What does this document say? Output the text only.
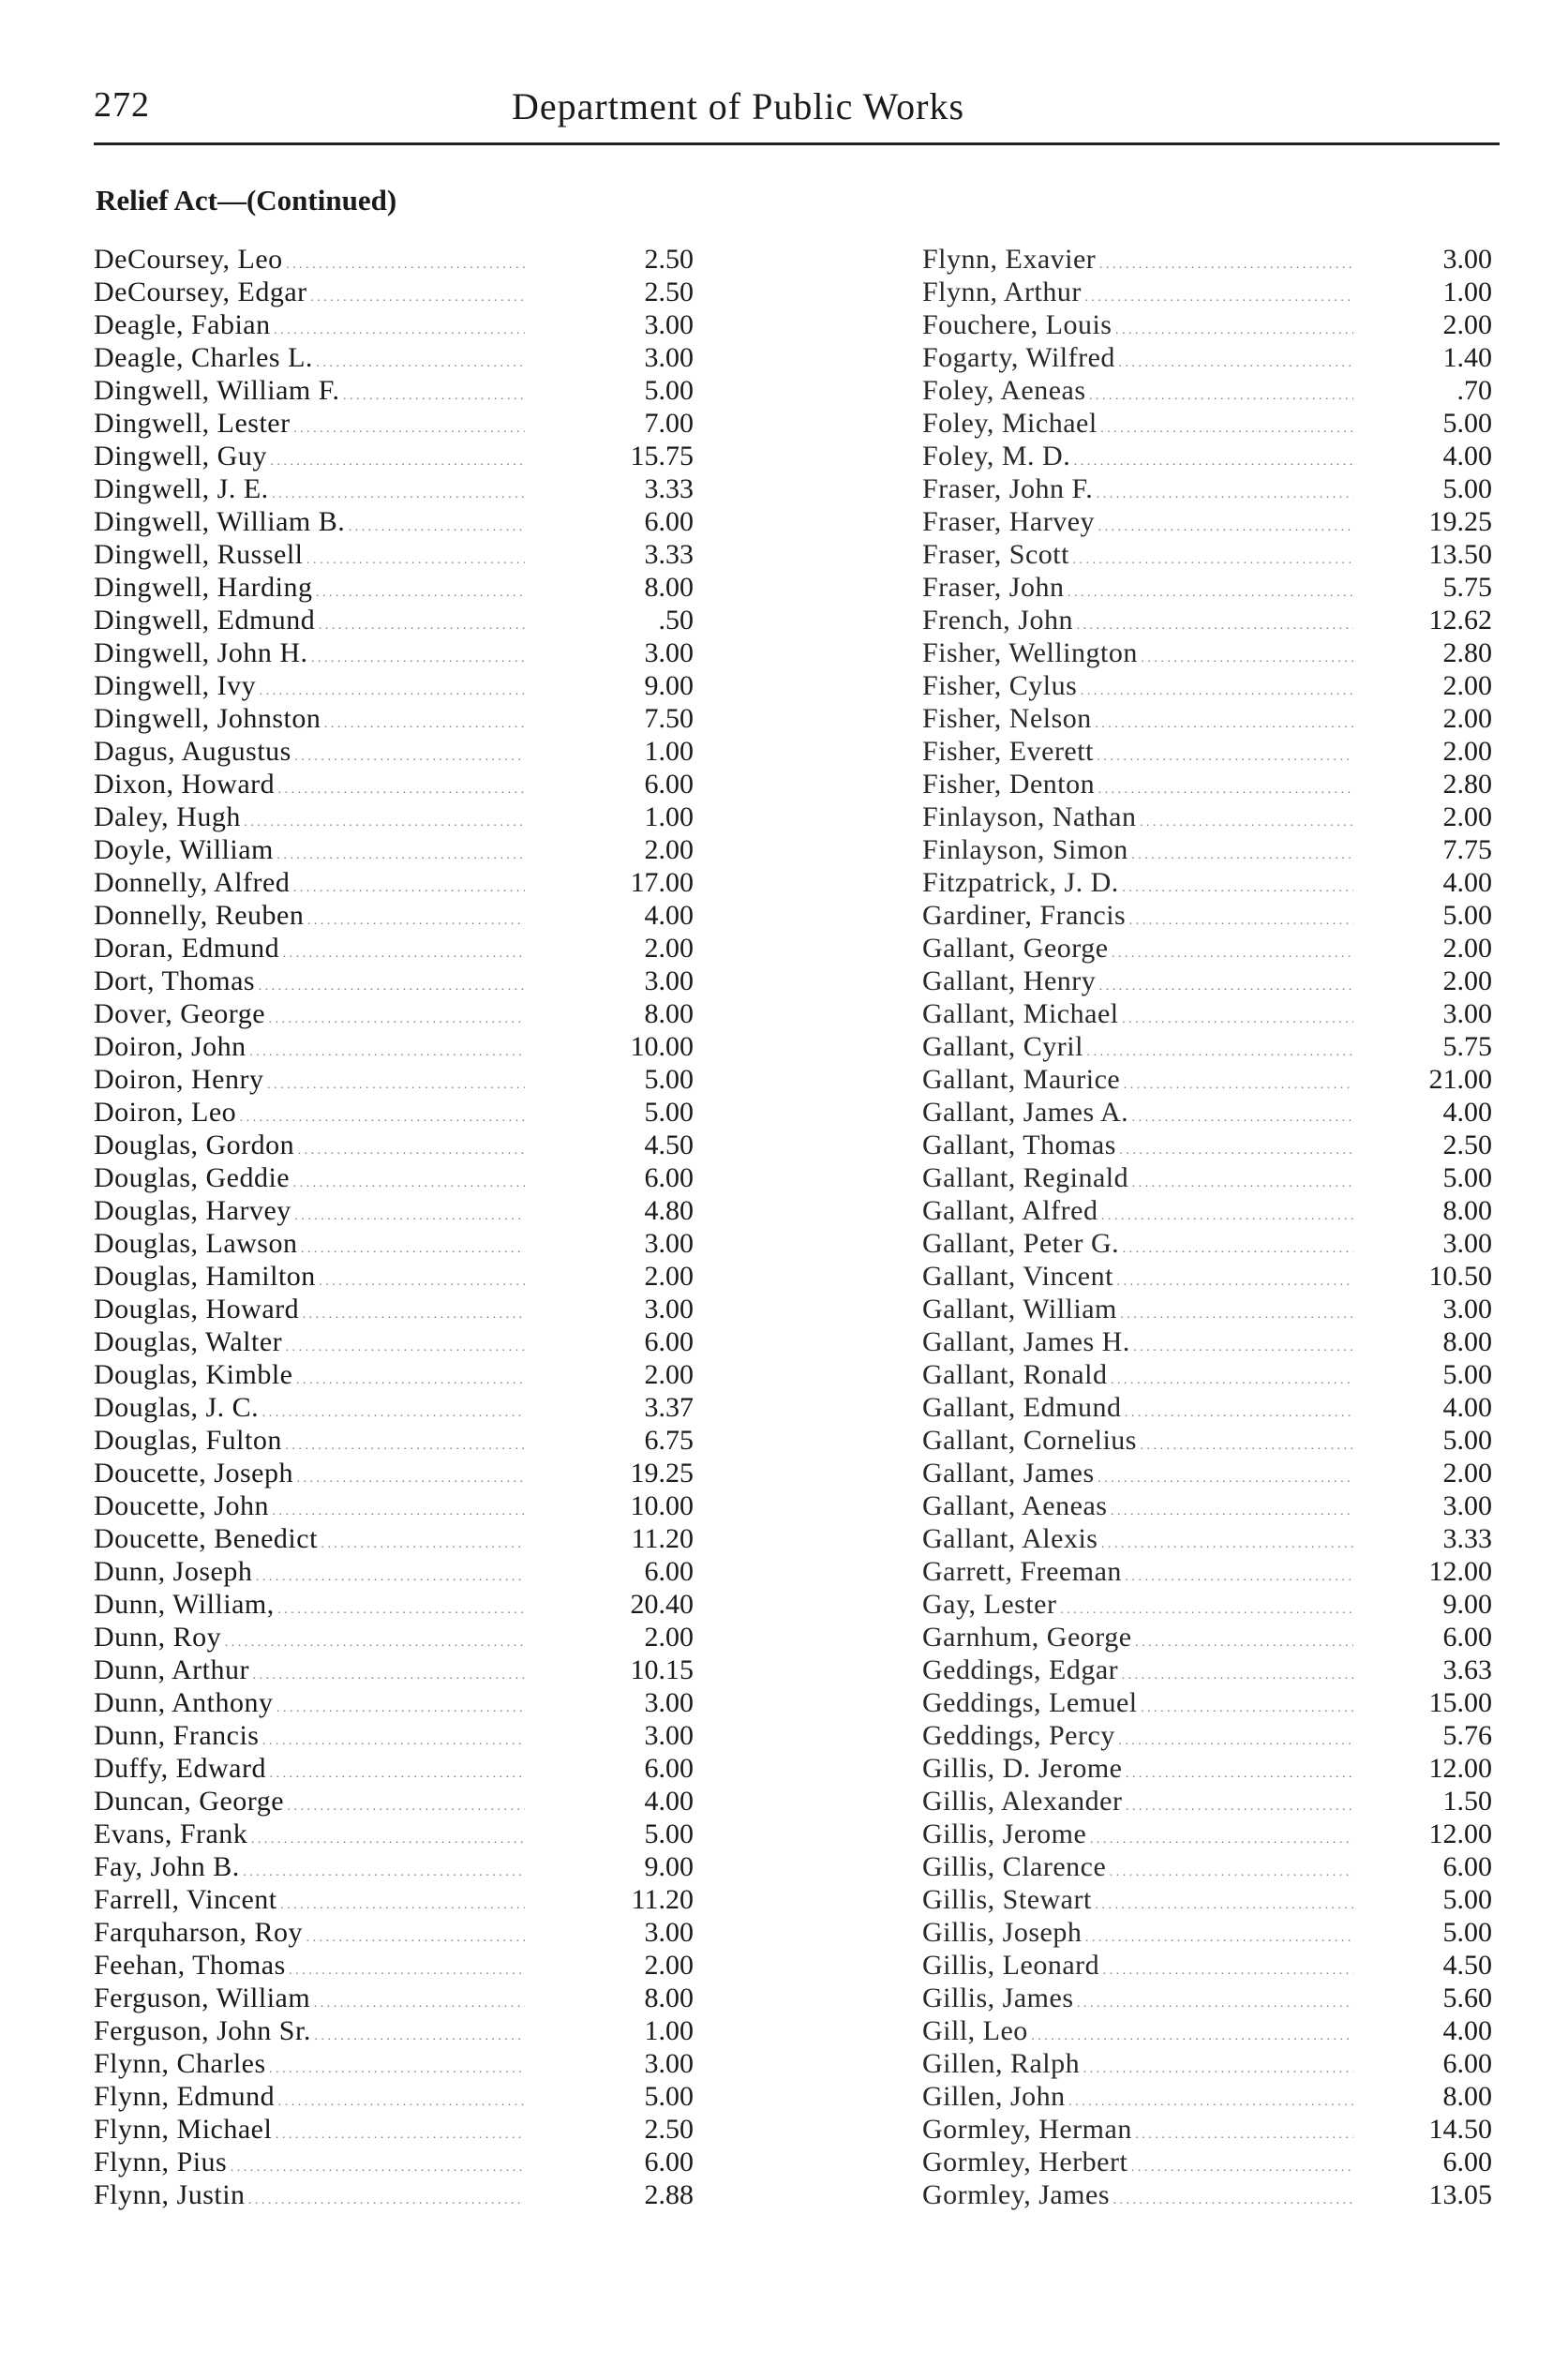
272	Department of Public Works
Relief Act—(Continued)
DeCoursey, Leo . . .	2.50
DeCoursey, Edgar . . .	2.50
Deagle, Fabian . . .	3.00
Deagle, Charles L. . . .	3.00
Dingwell, William F. . . .	5.00
Dingwell, Lester . . .	7.00
Dingwell, Guy . . .	15.75
Dingwell, J. E. . . .	3.33
Dingwell, William B. . . .	6.00
Dingwell, Russell . . .	3.33
Dingwell, Harding . . .	8.00
Dingwell, Edmund . . .	.50
Dingwell, John H. . . .	3.00
Dingwell, Ivy . . .	9.00
Dingwell, Johnston . . .	7.50
Dagus, Augustus . . .	1.00
Dixon, Howard . . .	6.00
Daley, Hugh . . .	1.00
Doyle, William . . .	2.00
Donnelly, Alfred . . .	17.00
Donnelly, Reuben . . .	4.00
Doran, Edmund . . .	2.00
Dort, Thomas . . .	3.00
Dover, George . . .	8.00
Doiron, John . . .	10.00
Doiron, Henry . . .	5.00
Doiron, Leo . . .	5.00
Douglas, Gordon . . .	4.50
Douglas, Geddie . . .	6.00
Douglas, Harvey . . .	4.80
Douglas, Lawson . . .	3.00
Douglas, Hamilton . . .	2.00
Douglas, Howard . . .	3.00
Douglas, Walter . . .	6.00
Douglas, Kimble . . .	2.00
Douglas, J. C. . . .	3.37
Douglas, Fulton . . .	6.75
Doucette, Joseph . . .	19.25
Doucette, John . . .	10.00
Doucette, Benedict . . .	11.20
Dunn, Joseph . . .	6.00
Dunn, William, . . .	20.40
Dunn, Roy . . .	2.00
Dunn, Arthur . . .	10.15
Dunn, Anthony . . .	3.00
Dunn, Francis . . .	3.00
Duffy, Edward . . .	6.00
Duncan, George . . .	4.00
Evans, Frank . . .	5.00
Fay, John B. . . .	9.00
Farrell, Vincent . . .	11.20
Farquharson, Roy . . .	3.00
Feehan, Thomas . . .	2.00
Ferguson, William . . .	8.00
Ferguson, John Sr. . . .	1.00
Flynn, Charles . . .	3.00
Flynn, Edmund . . .	5.00
Flynn, Michael . . .	2.50
Flynn, Pius . . .	6.00
Flynn, Justin . . .	2.88
Flynn, Exavier . . .	3.00
Flynn, Arthur . . .	1.00
Fouchere, Louis . . .	2.00
Fogarty, Wilfred . . .	1.40
Foley, Aeneas . . .	.70
Foley, Michael . . .	5.00
Foley, M. D. . . .	4.00
Fraser, John F. . . .	5.00
Fraser, Harvey . . .	19.25
Fraser, Scott . . .	13.50
Fraser, John . . .	5.75
French, John . . .	12.62
Fisher, Wellington . . .	2.80
Fisher, Cylus . . .	2.00
Fisher, Nelson . . .	2.00
Fisher, Everett . . .	2.00
Fisher, Denton . . .	2.80
Finlayson, Nathan . . .	2.00
Finlayson, Simon . . .	7.75
Fitzpatrick, J. D. . . .	4.00
Gardiner, Francis . . .	5.00
Gallant, George . . .	2.00
Gallant, Henry . . .	2.00
Gallant, Michael . . .	3.00
Gallant, Cyril . . .	5.75
Gallant, Maurice . . .	21.00
Gallant, James A. . . .	4.00
Gallant, Thomas . . .	2.50
Gallant, Reginald . . .	5.00
Gallant, Alfred . . .	8.00
Gallant, Peter G. . . .	3.00
Gallant, Vincent . . .	10.50
Gallant, William . . .	3.00
Gallant, James H. . . .	8.00
Gallant, Ronald . . .	5.00
Gallant, Edmund . . .	4.00
Gallant, Cornelius . . .	5.00
Gallant, James . . .	2.00
Gallant, Aeneas . . .	3.00
Gallant, Alexis . . .	3.33
Garrett, Freeman . . .	12.00
Gay, Lester . . .	9.00
Garnhum, George . . .	6.00
Geddings, Edgar . . .	3.63
Geddings, Lemuel . . .	15.00
Geddings, Percy . . .	5.76
Gillis, D. Jerome . . .	12.00
Gillis, Alexander . . .	1.50
Gillis, Jerome . . .	12.00
Gillis, Clarence . . .	6.00
Gillis, Stewart . . .	5.00
Gillis, Joseph . . .	5.00
Gillis, Leonard . . .	4.50
Gillis, James . . .	5.60
Gill, Leo . . .	4.00
Gillen, Ralph . . .	6.00
Gillen, John . . .	8.00
Gormley, Herman . . .	14.50
Gormley, Herbert . . .	6.00
Gormley, James . . .	13.05
